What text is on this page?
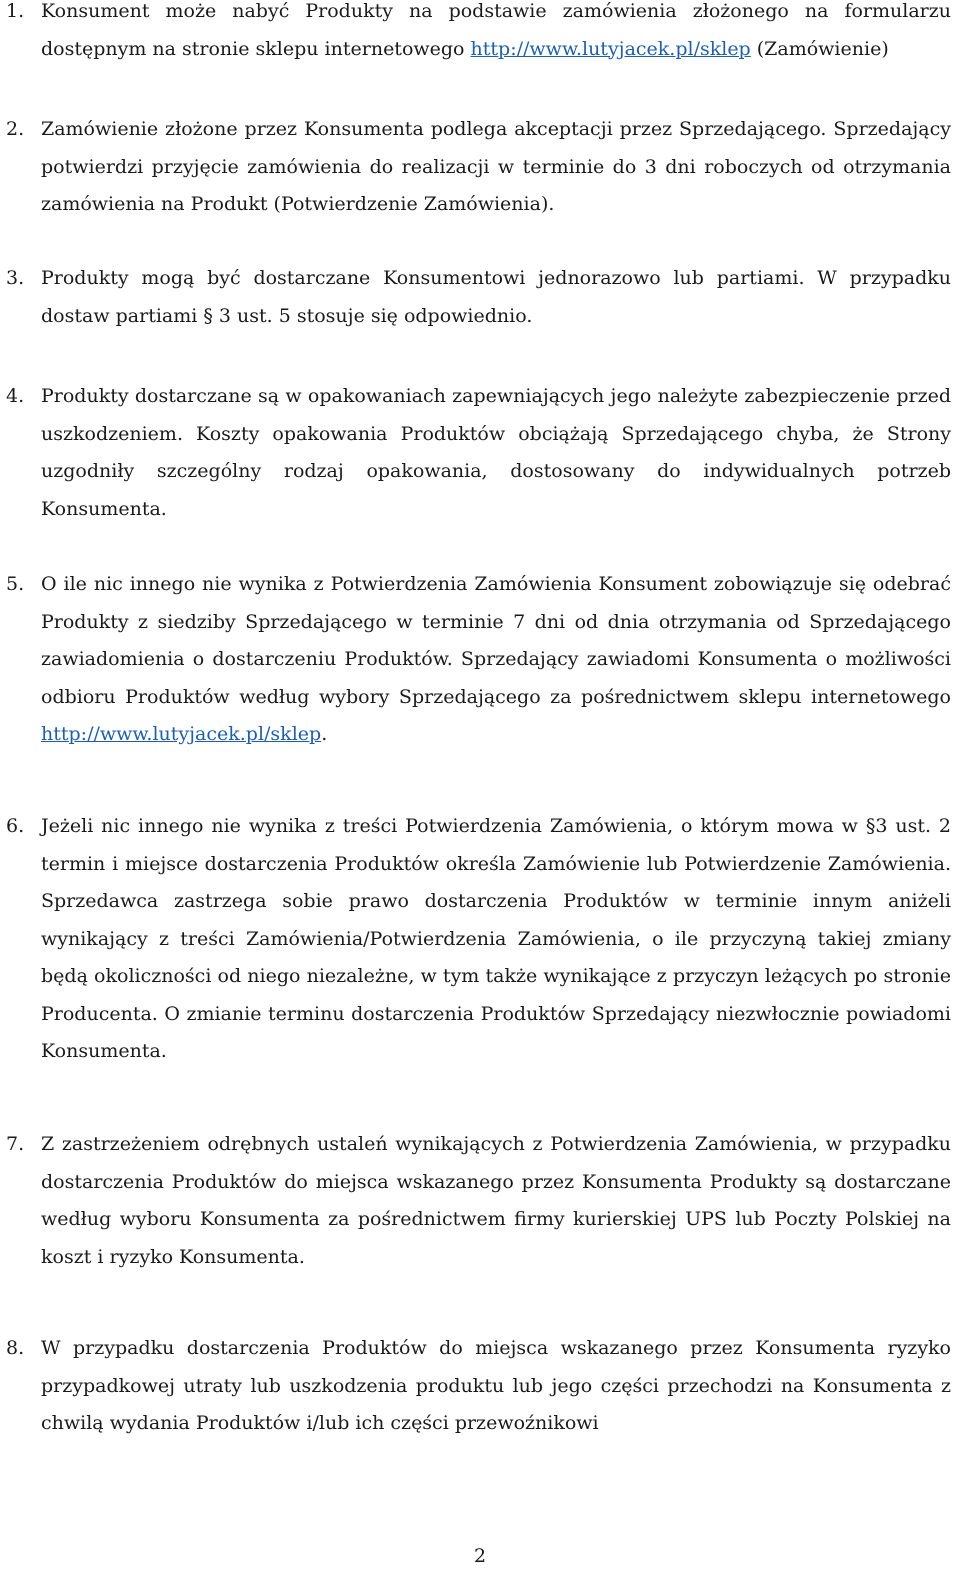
1. Konsument może nabyć Produkty na podstawie zamówienia złożonego na formularzu dostępnym na stronie sklepu internetowego http://www.lutyjacek.pl/sklep (Zamówienie)
2. Zamówienie złożone przez Konsumenta podlega akceptacji przez Sprzedającego. Sprzedający potwierdzi przyjęcie zamówienia do realizacji w terminie do 3 dni roboczych od otrzymania zamówienia na Produkt (Potwierdzenie Zamówienia).
3. Produkty mogą być dostarczane Konsumentowi jednorazowo lub partiami. W przypadku dostaw partiami § 3 ust. 5 stosuje się odpowiednio.
4. Produkty dostarczane są w opakowaniach zapewniających jego należyte zabezpieczenie przed uszkodzeniem. Koszty opakowania Produktów obciążają Sprzedającego chyba, że Strony uzgodniły szczególny rodzaj opakowania, dostosowany do indywidualnych potrzeb Konsumenta.
5. O ile nic innego nie wynika z Potwierdzenia Zamówienia Konsument zobowiązuje się odebrać Produkty z siedziby Sprzedającego w terminie 7 dni od dnia otrzymania od Sprzedającego zawiadomienia o dostarczeniu Produktów. Sprzedający zawiadomi Konsumenta o możliwości odbioru Produktów według wybory Sprzedającego za pośrednictwem sklepu internetowego http://www.lutyjacek.pl/sklep.
6. Jeżeli nic innego nie wynika z treści Potwierdzenia Zamówienia, o którym mowa w §3 ust. 2 termin i miejsce dostarczenia Produktów określa Zamówienie lub Potwierdzenie Zamówienia. Sprzedawca zastrzega sobie prawo dostarczenia Produktów w terminie innym aniżeli wynikający z treści Zamówienia/Potwierdzenia Zamówienia, o ile przyczyną takiej zmiany będą okoliczności od niego niezależne, w tym także wynikające z przyczyn leżących po stronie Producenta. O zmianie terminu dostarczenia Produktów Sprzedający niezwłocznie powiadomi Konsumenta.
7. Z zastrzeżeniem odrębnych ustaleń wynikających z Potwierdzenia Zamówienia, w przypadku dostarczenia Produktów do miejsca wskazanego przez Konsumenta Produkty są dostarczane według wyboru Konsumenta za pośrednictwem firmy kurierskiej UPS lub Poczty Polskiej na koszt i ryzyko Konsumenta.
8. W przypadku dostarczenia Produktów do miejsca wskazanego przez Konsumenta ryzyko przypadkowej utraty lub uszkodzenia produktu lub jego części przechodzi na Konsumenta z chwilą wydania Produktów i/lub ich części przewoźnikowi
2
